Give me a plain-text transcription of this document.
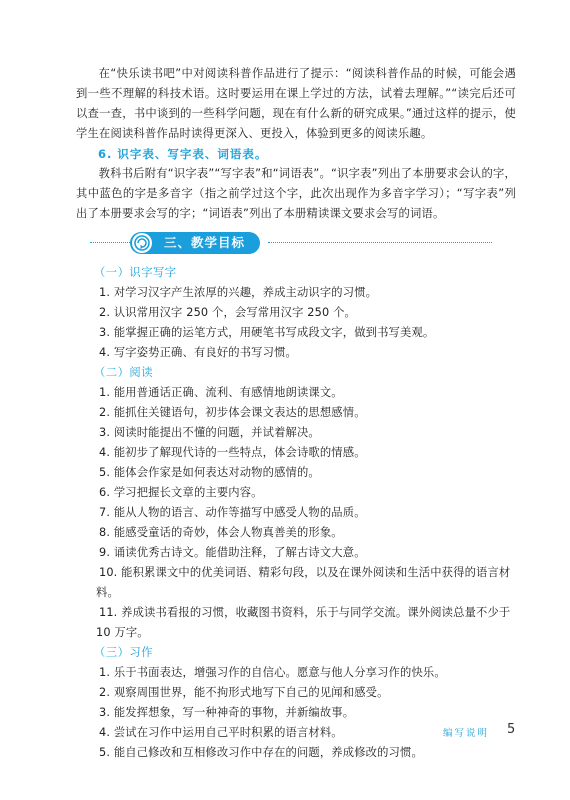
在“快乐读书吧”中对阅读科普作品进行了提示：“阅读科普作品的时候，可能会遇到一些不理解的科技术语。这时要运用在课上学过的方法，试着去理解。”“读完后还可以查一查，书中谈到的一些科学问题，现在有什么新的研究成果。”通过这样的提示，使学生在阅读科普作品时读得更深入、更投入，体验到更多的阅读乐趣。

6. 识字表、写字表、词语表。

教科书后附有“识字表”“写字表”和“词语表”。“识字表”列出了本册要求会认的字，其中蓝色的字是多音字（指之前学过这个字，此次出现作为多音字学习）；“写字表”列出了本册要求会写的字；“词语表”列出了本册精读课文要求会写的词语。

三、教学目标

（一）识字写字

1. 对学习汉字产生浓厚的兴趣，养成主动识字的习惯。

2. 认识常用汉字 250 个，会写常用汉字 250 个。

3. 能掌握正确的运笔方式，用硬笔书写成段文字，做到书写美观。

4. 写字姿势正确、有良好的书写习惯。

（二）阅读

1. 能用普通话正确、流利、有感情地朗读课文。

2. 能抓住关键语句，初步体会课文表达的思想感情。

3. 阅读时能提出不懂的问题，并试着解决。

4. 能初步了解现代诗的一些特点，体会诗歌的情感。

5. 能体会作家是如何表达对动物的感情的。

6. 学习把握长文章的主要内容。

7. 能从人物的语言、动作等描写中感受人物的品质。

8. 能感受童话的奇妙，体会人物真善美的形象。

9. 诵读优秀古诗文。能借助注释，了解古诗文大意。

10. 能积累课文中的优美词语、精彩句段，以及在课外阅读和生活中获得的语言材料。

11. 养成读书看报的习惯，收藏图书资料，乐于与同学交流。课外阅读总量不少于 10 万字。

（三）习作

1. 乐于书面表达，增强习作的自信心。愿意与他人分享习作的快乐。

2. 观察周围世界，能不拘形式地写下自己的见闻和感受。

3. 能发挥想象，写一种神奇的事物，并新编故事。

4. 尝试在习作中运用自己平时积累的语言材料。

5. 能自己修改和互相修改习作中存在的问题，养成修改的习惯。

编写说明 5
